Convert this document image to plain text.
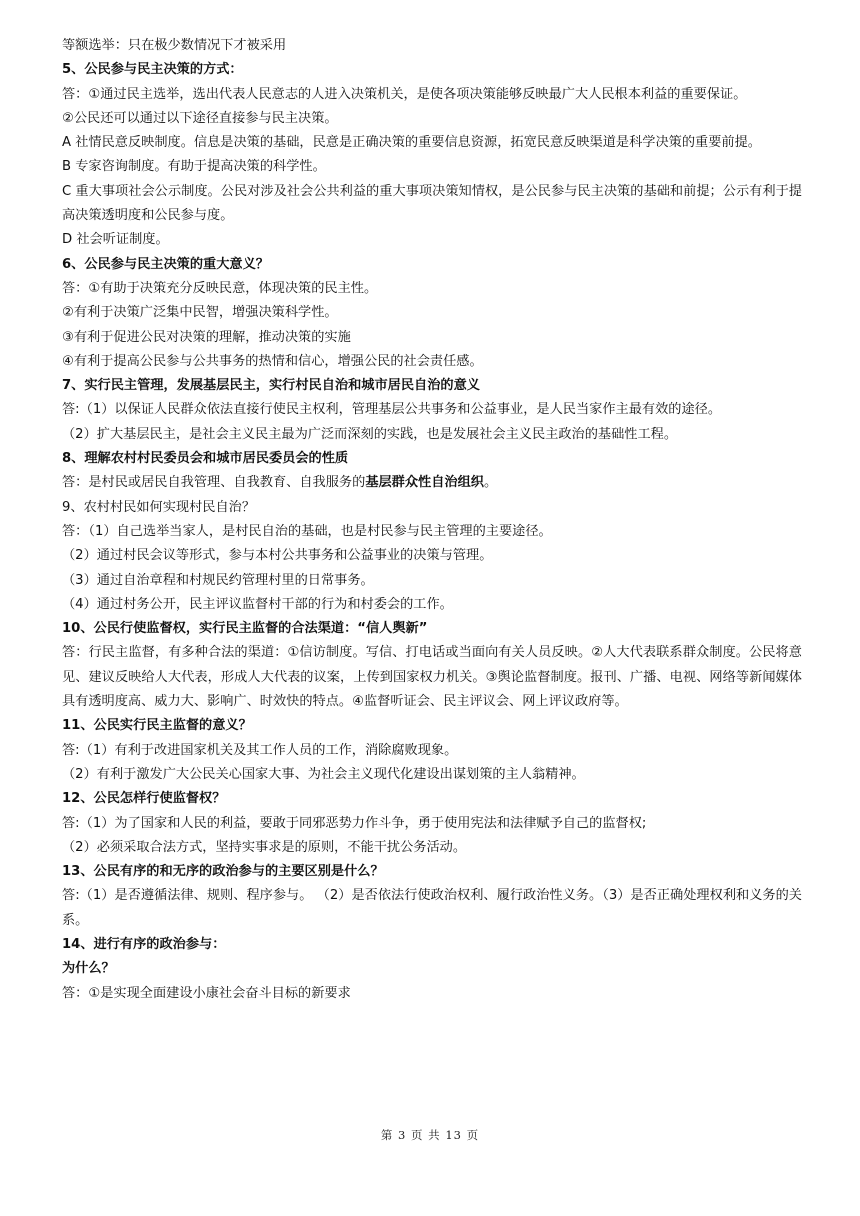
等额选举：只在极少数情况下才被采用

5、公民参与民主决策的方式：

答：①通过民主选举，选出代表人民意志的人进入决策机关，是使各项决策能够反映最广大人民根本利益的重要保证。

②公民还可以通过以下途径直接参与民主决策。

A 社情民意反映制度。信息是决策的基础，民意是正确决策的重要信息资源，拓宽民意反映渠道是科学决策的重要前提。

B 专家咨询制度。有助于提高决策的科学性。

C 重大事项社会公示制度。公民对涉及社会公共利益的重大事项决策知情权，是公民参与民主决策的基础和前提；公示有利于提高决策透明度和公民参与度。

D 社会听证制度。

6、公民参与民主决策的重大意义？

答：①有助于决策充分反映民意，体现决策的民主性。

②有利于决策广泛集中民智，增强决策科学性。

③有利于促进公民对决策的理解，推动决策的实施

④有利于提高公民参与公共事务的热情和信心，增强公民的社会责任感。

7、实行民主管理，发展基层民主，实行村民自治和城市居民自治的意义

答:（1）以保证人民群众依法直接行使民主权利，管理基层公共事务和公益事业，是人民当家作主最有效的途径。

（2）扩大基层民主，是社会主义民主最为广泛而深刻的实践，也是发展社会主义民主政治的基础性工程。

8、理解农村村民委员会和城市居民委员会的性质

答：是村民或居民自我管理、自我教育、自我服务的基层群众性自治组织。

9、农村村民如何实现村民自治？

答：（1）自己选举当家人，是村民自治的基础，也是村民参与民主管理的主要途径。

（2）通过村民会议等形式，参与本村公共事务和公益事业的决策与管理。

（3）通过自治章程和村规民约管理村里的日常事务。

（4）通过村务公开，民主评议监督村干部的行为和村委会的工作。

10、公民行使监督权，实行民主监督的合法渠道：“信人舆新”

答：行民主监督，有多种合法的渠道：①信访制度。写信、打电话或当面向有关人员反映。②人大代表联系群众制度。公民将意见、建议反映给人大代表，形成人大代表的议案，上传到国家权力机关。③舆论监督制度。报刊、广播、电视、网络等新闻媒体具有透明度高、威力大、影响广、时效快的特点。④监督听证会、民主评议会、网上评议政府等。

11、公民实行民主监督的意义？

答:（1）有利于改进国家机关及其工作人员的工作，消除腐败现象。

（2）有利于激发广大公民关心国家大事、为社会主义现代化建设出谋划策的主人翁精神。

12、公民怎样行使监督权？

答:（1）为了国家和人民的利益，要敢于同邪恶势力作斗争，勇于使用宪法和法律赋予自己的监督权;

（2）必须采取合法方式，坚持实事求是的原则，不能干扰公务活动。

13、公民有序的和无序的政治参与的主要区别是什么？

答:（1）是否遵循法律、规则、程序参与。 （2）是否依法行使政治权利、履行政治性义务。（3）是否正确处理权利和义务的关系。

14、进行有序的政治参与：

为什么？

答：①是实现全面建设小康社会奋斗目标的新要求

第 3 页 共 13 页
